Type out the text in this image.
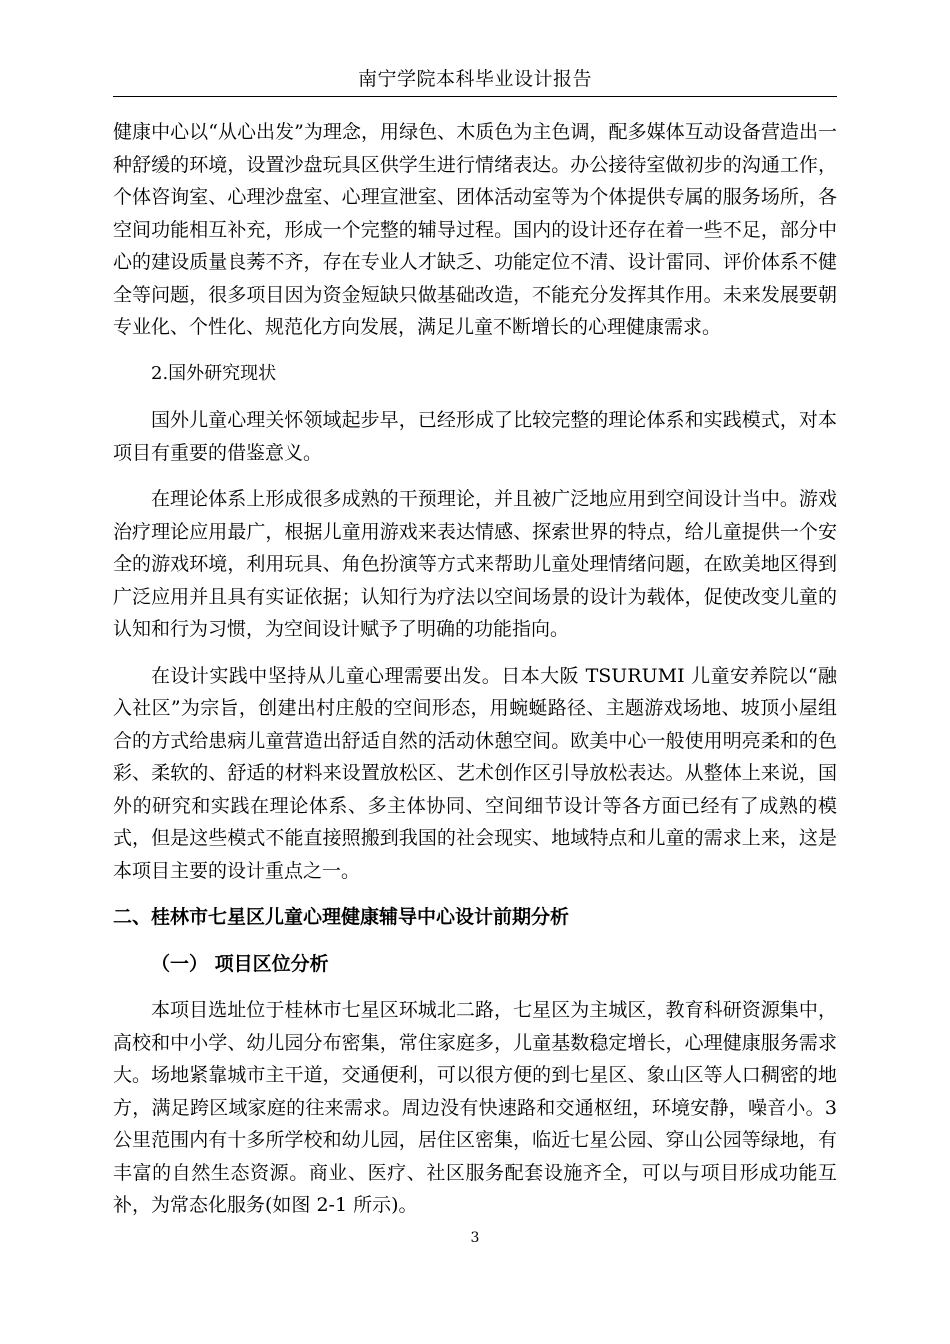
南宁学院本科毕业设计报告

健康中心以“从心出发”为理念，用绿色、木质色为主色调，配多媒体互动设备营造出一种舒缓的环境，设置沙盘玩具区供学生进行情绪表达。办公接待室做初步的沟通工作，个体咨询室、心理沙盘室、心理宣泄室、团体活动室等为个体提供专属的服务场所，各空间功能相互补充，形成一个完整的辅导过程。国内的设计还存在着一些不足，部分中心的建设质量良莠不齐，存在专业人才缺乏、功能定位不清、设计雷同、评价体系不健全等问题，很多项目因为资金短缺只做基础改造，不能充分发挥其作用。未来发展要朝专业化、个性化、规范化方向发展，满足儿童不断增长的心理健康需求。

2.国外研究现状

国外儿童心理关怀领域起步早，已经形成了比较完整的理论体系和实践模式，对本项目有重要的借鉴意义。

在理论体系上形成很多成熟的干预理论，并且被广泛地应用到空间设计当中。游戏治疗理论应用最广，根据儿童用游戏来表达情感、探索世界的特点，给儿童提供一个安全的游戏环境，利用玩具、角色扮演等方式来帮助儿童处理情绪问题，在欧美地区得到广泛应用并且具有实证依据；认知行为疗法以空间场景的设计为载体，促使改变儿童的认知和行为习惯，为空间设计赋予了明确的功能指向。

在设计实践中坚持从儿童心理需要出发。日本大阪 TSURUMI 儿童安养院以“融入社区”为宗旨，创建出村庄般的空间形态，用蜿蜒路径、主题游戏场地、坡顶小屋组合的方式给患病儿童营造出舒适自然的活动休憩空间。欧美中心一般使用明亮柔和的色彩、柔软的、舒适的材料来设置放松区、艺术创作区引导放松表达。从整体上来说，国外的研究和实践在理论体系、多主体协同、空间细节设计等各方面已经有了成熟的模式，但是这些模式不能直接照搬到我国的社会现实、地域特点和儿童的需求上来，这是本项目主要的设计重点之一。

二、桂林市七星区儿童心理健康辅导中心设计前期分析
（一） 项目区位分析

本项目选址位于桂林市七星区环城北二路，七星区为主城区，教育科研资源集中，高校和中小学、幼儿园分布密集，常住家庭多，儿童基数稳定增长，心理健康服务需求大。场地紧靠城市主干道，交通便利，可以很方便的到七星区、象山区等人口稠密的地方，满足跨区域家庭的往来需求。周边没有快速路和交通枢纽，环境安静，噪音小。3 公里范围内有十多所学校和幼儿园，居住区密集，临近七星公园、穿山公园等绿地，有丰富的自然生态资源。商业、医疗、社区服务配套设施齐全，可以与项目形成功能互补，为常态化服务(如图 2-1 所示)。

3
